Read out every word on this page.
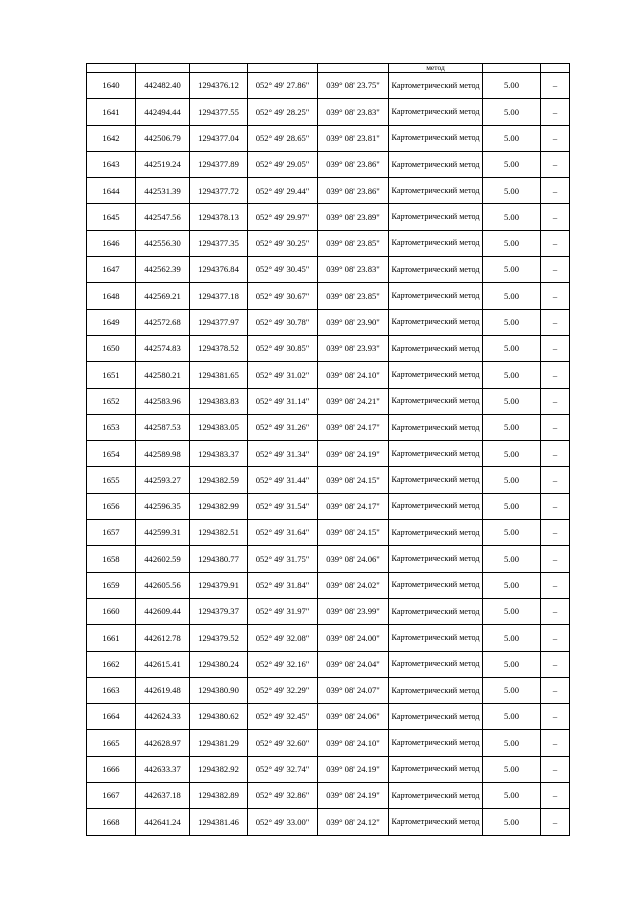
					метод		
1640	442482.40	1294376.12	052° 49' 27.86"	039° 08' 23.75"	Картометрический метод	5.00	–
1641	442494.44	1294377.55	052° 49' 28.25"	039° 08' 23.83"	Картометрический метод	5.00	–
1642	442506.79	1294377.04	052° 49' 28.65"	039° 08' 23.81"	Картометрический метод	5.00	–
1643	442519.24	1294377.89	052° 49' 29.05"	039° 08' 23.86"	Картометрический метод	5.00	–
1644	442531.39	1294377.72	052° 49' 29.44"	039° 08' 23.86"	Картометрический метод	5.00	–
1645	442547.56	1294378.13	052° 49' 29.97"	039° 08' 23.89"	Картометрический метод	5.00	–
1646	442556.30	1294377.35	052° 49' 30.25"	039° 08' 23.85"	Картометрический метод	5.00	–
1647	442562.39	1294376.84	052° 49' 30.45"	039° 08' 23.83"	Картометрический метод	5.00	–
1648	442569.21	1294377.18	052° 49' 30.67"	039° 08' 23.85"	Картометрический метод	5.00	–
1649	442572.68	1294377.97	052° 49' 30.78"	039° 08' 23.90"	Картометрический метод	5.00	–
1650	442574.83	1294378.52	052° 49' 30.85"	039° 08' 23.93"	Картометрический метод	5.00	–
1651	442580.21	1294381.65	052° 49' 31.02"	039° 08' 24.10"	Картометрический метод	5.00	–
1652	442583.96	1294383.83	052° 49' 31.14"	039° 08' 24.21"	Картометрический метод	5.00	–
1653	442587.53	1294383.05	052° 49' 31.26"	039° 08' 24.17"	Картометрический метод	5.00	–
1654	442589.98	1294383.37	052° 49' 31.34"	039° 08' 24.19"	Картометрический метод	5.00	–
1655	442593.27	1294382.59	052° 49' 31.44"	039° 08' 24.15"	Картометрический метод	5.00	–
1656	442596.35	1294382.99	052° 49' 31.54"	039° 08' 24.17"	Картометрический метод	5.00	–
1657	442599.31	1294382.51	052° 49' 31.64"	039° 08' 24.15"	Картометрический метод	5.00	–
1658	442602.59	1294380.77	052° 49' 31.75"	039° 08' 24.06"	Картометрический метод	5.00	–
1659	442605.56	1294379.91	052° 49' 31.84"	039° 08' 24.02"	Картометрический метод	5.00	–
1660	442609.44	1294379.37	052° 49' 31.97"	039° 08' 23.99"	Картометрический метод	5.00	–
1661	442612.78	1294379.52	052° 49' 32.08"	039° 08' 24.00"	Картометрический метод	5.00	–
1662	442615.41	1294380.24	052° 49' 32.16"	039° 08' 24.04"	Картометрический метод	5.00	–
1663	442619.48	1294380.90	052° 49' 32.29"	039° 08' 24.07"	Картометрический метод	5.00	–
1664	442624.33	1294380.62	052° 49' 32.45"	039° 08' 24.06"	Картометрический метод	5.00	–
1665	442628.97	1294381.29	052° 49' 32.60"	039° 08' 24.10"	Картометрический метод	5.00	–
1666	442633.37	1294382.92	052° 49' 32.74"	039° 08' 24.19"	Картометрический метод	5.00	–
1667	442637.18	1294382.89	052° 49' 32.86"	039° 08' 24.19"	Картометрический метод	5.00	–
1668	442641.24	1294381.46	052° 49' 33.00"	039° 08' 24.12"	Картометрический метод	5.00	–
